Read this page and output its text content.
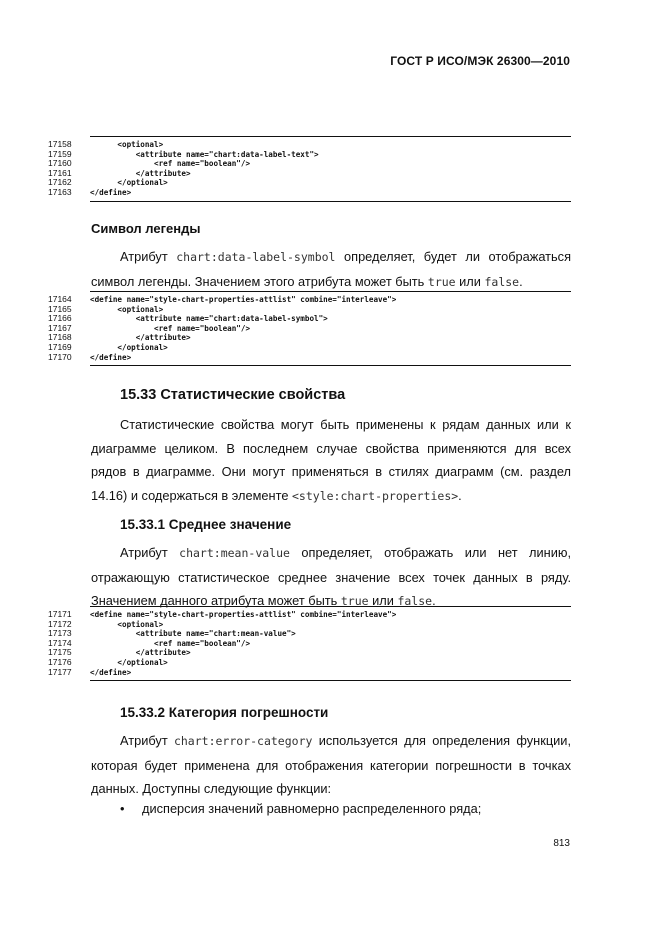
ГОСТ Р ИСО/МЭК 26300—2010
17158	<optional>
17159	<attribute name="chart:data-label-text">
17160	<ref name="boolean"/>
17161	</attribute>
17162	</optional>
17163	</define>
Символ легенды
Атрибут chart:data-label-symbol определяет, будет ли отображаться символ легенды. Значением этого атрибута может быть true или false.
17164	<define name="style-chart-properties-attlist" combine="interleave">
17165	<optional>
17166	<attribute name="chart:data-label-symbol">
17167	<ref name="boolean"/>
17168	</attribute>
17169	</optional>
17170	</define>
15.33 Статистические свойства
Статистические свойства могут быть применены к рядам данных или к диаграмме целиком. В последнем случае свойства применяются для всех рядов в диаграмме. Они могут применяться в стилях диаграмм (см. раздел 14.16) и содержаться в элементе <style:chart-properties>.
15.33.1 Среднее значение
Атрибут chart:mean-value определяет, отображать или нет линию, отражающую статистическое среднее значение всех точек данных в ряду. Значением данного атрибута может быть true или false.
17171	<define name="style-chart-properties-attlist" combine="interleave">
17172	<optional>
17173	<attribute name="chart:mean-value">
17174	<ref name="boolean"/>
17175	</attribute>
17176	</optional>
17177	</define>
15.33.2 Категория погрешности
Атрибут chart:error-category используется для определения функции, которая будет применена для отображения категории погрешности в точках данных. Доступны следующие функции:
• дисперсия значений равномерно распределенного ряда;
813
